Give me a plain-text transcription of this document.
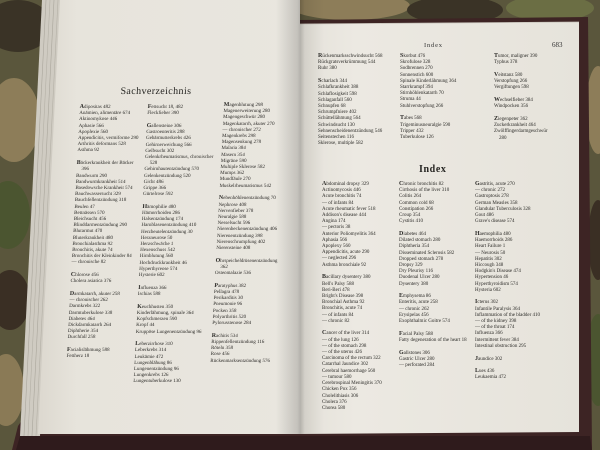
Sachverzeichnis
Adipositas 482
Anämien, alimentäre 674
Aktinomykose 446
Aphasie 566
Apoplexie 560
Appendicitis, vermiforme 290
Arthritis deformans 528
Asthma 92
Bäckerkrankheit der Bäcker 396
Bandwurm 290
Bandwurmkrankheit 514
Basedowsche Krankheit 574
Bauchwassersucht 329
Bauchfellentzündung 318
Beulen 47
Bettnässen 570
Bleichsucht 456
Blinddarmentzündung 290
Blutarmut 470
Bluterkrankheit 480
Bronchialasthma 92
Bronchitis, akute 74
Bronchitis der Kleinkinder 84
— chronische 82
Chlorose 456
Cholera asiatica 376
Darmkatarrh, akuter 258
— chronischer 262
Darmkrebs 322
Darmtuberkulose 338
Diabetes 464
Dickdarmkatarrh 264
Diphtherie 354
Durchfall 258
Facialislähmung 588
Fettherz 18
Fettsucht 18, 482
Fleckfieber 390
Gallensteine 306
Gastroenteritis 288
Gebärmutterkrebs 426
Gehirnerweichung 566
Gelbsucht 302
Gelenkrheumatismus, chronischer 528
Gehirnhautentzündung 570
Gelenkentzündung 520
Gicht 486
Grippe 366
Gürtelrose 592
Hämophilie 480
Hämorrhoiden 286
Halsentzündung 174
Harnblasenentzündung 410
Herzbeutelentzündung 30
Herzneurose 50
Herzschwäche 1
Hexenschuss 542
Hirnblutung 560
Hochdruckkrankheit 46
Hyperthyreose 574
Hysterie 602
Influenza 366
Ischias 588
Keuchhusten 350
Kinderlähmung, spinale 364
Kopfschmerzen 590
Kropf 44
Kruppöse Lungenentzündung 96
Leberzirrhose 310
Leberkrebs 314
Leukämie 472
Lungenblähung 86
Lungenentzündung 96
Lungenkrebs 126
Lungentuberkulose 130
Magenblutung 298
Magenerweiterung 280
Magengeschwür 280
Magenkatarrh, akuter 270
— chronischer 272
Magenkrebs 298
Magensenkung 278
Malaria 384
Masern 354
Migräne 590
Multiple Sklerose 582
Mumps 362
Mundfäule 270
Muskelrheumatismus 542
Nebenhöhlenentzündung 70
Nephrose 408
Nervenfieber 378
Neuralgie 588
Nesselsucht 596
Nierenbeckenentzündung 406
Nierenentzündung 398
Nierenschrumpfung 402
Nierensteine 408
Ohrspeicheldrüsenentzündung 362
Osteomalazie 536
Paratyphus 382
Pellagra 478
Perikarditis 30
Pneumonie 96
Pocken 358
Polyarthritis 520
Pylorusstenose 284
Rachitis 534
Rippenfellentzündung 116
Röteln 358
Rose 456
Rückenmarksentzündung 576
Index	683
Rückenmarksschwindsucht 568
Rückgratsverkrümmung 544
Ruhr 380
Scharlach 344
Schlafkrankheit 388
Schlaflosigkeit 598
Schlaganfall 560
Schnupfen 68
Schrumpfniere 402
Schüttellähmung 564
Schwindsucht 130
Sehnenscheidenentzündung 546
Seitenstechen 116
Sklerose, multiple 582
Skorbut 476
Skrofulose 328
Sodbrennen 270
Sonnenstich 600
Spinale Kinderlähmung 364
Starrkrampf 394
Stirnhöhlenkatarrh 70
Struma 44
Stuhlverstopfung 266
Tabes 568
Trigeminusneuralgie 590
Tripper 432
Tuberkulose 126
Tumor, maligner 390
Typhus 378
Veitstanz 580
Verstopfung 266
Vergiftungen 598
Wechselfieber 384
Windpocken 356
Ziegenpeter 362
Zuckerkrankheit 464
Zwölffingerdarmgeschwür 280
Index
Abdominal dropsy 329
Actinomycosis 446
Acute bronchitis 74
— of infants 84
Acute rheumatic fever 518
Addison's disease 444
Angina 174
— pectoris 38
Anterior Poliomyelitis 364
Aphasia 566
Apoplexy 560
Appendicitis, acute 290
— neglected 296
Asthma bronchiale 92
Bacillary dysentery 380
Bell's Palsy 588
Beri-Beri 478
Bright's Disease 398
Bronchial Asthma 92
Bronchitis, acute 74
— of infants 84
— chronic 82
Cancer of the liver 314
— of the lung 126
— of the stomach 298
— of the uterus 426
Carcinoma of the rectum 322
Catarrhal Jaundice 302
Cerebral haemorrhage 560
— tumour 580
Cerebrospinal Meningitis 370
Chicken Pox 356
Cholelithiasis 306
Cholera 376
Chorea 580
Chronic bronchitis 82
Cirrhosis of the liver 310
Colitis 264
Common cold 68
Constipation 266
Croup 354
Cystitis 410
Diabetes 464
Dilated stomach 280
Diphtheria 354
Disseminated Sclerosis 582
Dropped stomach 278
Dropsy 329
Dry Pleurisy 116
Duodenal Ulcer 280
Dysentery 380
Emphysema 86
Enteritis, acute 258
— chronic 262
Erysipelas 456
Exophthalmic Goitre 574
Facial Palsy 588
Fatty degeneration of the heart 18
Gallstones 306
Gastric Ulcer 280
— perforated 284
Gastritis, acute 270
— chronic 272
Gastroptosis 278
German Measles 358
Glandular Tuberculosis 328
Gout 486
Grave's disease 574
Haemophilia 480
Haemorrhoids 286
Heart Failure 1
— Neurosis 50
Hepatitis 302
Hiccough 348
Hodgkin's Disease 474
Hypertension 46
Hyperthyroidism 574
Hysteria 602
Icterus 302
Infantile Paralysis 364
Inflammation of the bladder 410
— of the kidney 398
— of the throat 174
Influenza 366
Intermittent fever 384
Intestinal obstruction 295
Jaundice 302
Lues 436
Leukaemia 472
